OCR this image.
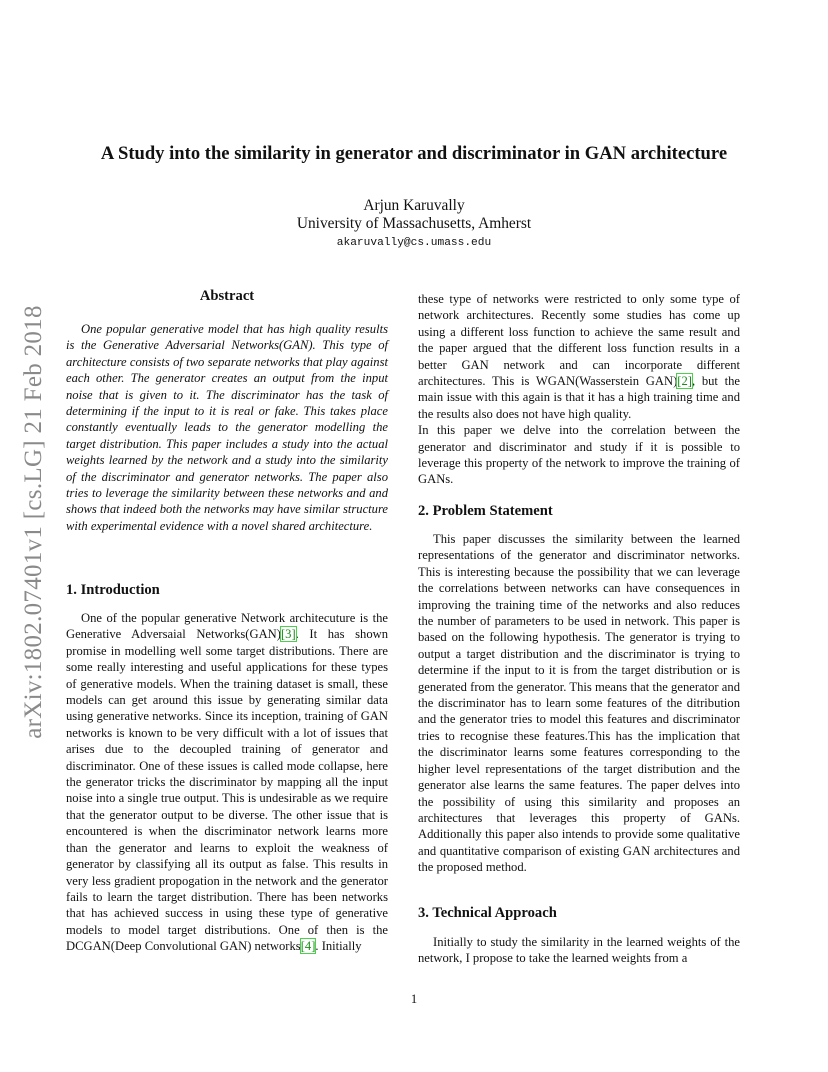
arXiv:1802.07401v1 [cs.LG] 21 Feb 2018
A Study into the similarity in generator and discriminator in GAN architecture
Arjun Karuvally
University of Massachusetts, Amherst
akaruvally@cs.umass.edu
Abstract

One popular generative model that has high quality results is the Generative Adversarial Networks(GAN). This type of architecture consists of two separate networks that play against each other. The generator creates an output from the input noise that is given to it. The discriminator has the task of determining if the input to it is real or fake. This takes place constantly eventually leads to the generator modelling the target distribution. This paper includes a study into the actual weights learned by the network and a study into the similarity of the discriminator and generator networks. The paper also tries to leverage the similarity between these networks and and shows that indeed both the networks may have similar structure with experimental evidence with a novel shared architecture.

1. Introduction

One of the popular generative Network architecuture is the Generative Adversaial Networks(GAN)[3]. It has shown promise in modelling well some target distributions. There are some really interesting and useful applications for these types of generative models. When the training dataset is small, these models can get around this issue by generating similar data using generative networks. Since its inception, training of GAN networks is known to be very difficult with a lot of issues that arises due to the decoupled training of generator and discriminator. One of these issues is called mode collapse, here the generator tricks the discriminator by mapping all the input noise into a single true output. This is undesirable as we require that the generator output to be diverse. The other issue that is encountered is when the discriminator network learns more than the generator and learns to exploit the weakness of generator by classifying all its output as false. This results in very less gradient propogation in the network and the generator fails to learn the target distribution. There has been networks that has achieved success in using these type of generative models to model target distributions. One of then is the DCGAN(Deep Convolutional GAN) networks[4]. Initially

these type of networks were restricted to only some type of network architectures. Recently some studies has come up using a different loss function to achieve the same result and the paper argued that the different loss function results in a better GAN network and can incorporate different architectures. This is WGAN(Wasserstein GAN)[2], but the main issue with this again is that it has a high training time and the results also does not have high quality.

In this paper we delve into the correlation between the generator and discriminator and study if it is possible to leverage this property of the network to improve the training of GANs.

2. Problem Statement

This paper discusses the similarity between the learned representations of the generator and discriminator networks. This is interesting because the possibility that we can leverage the correlations between networks can have consequences in improving the training time of the networks and also reduces the number of parameters to be used in network. This paper is based on the following hypothesis. The generator is trying to output a target distribution and the discriminator is trying to determine if the input to it is from the target distribution or is generated from the generator. This means that the generator and the discriminator has to learn some features of the ditribution and the generator tries to model this features and discriminator tries to recognise these features.This has the implication that the discriminator learns some features corresponding to the higher level representations of the target distribution and the generator alse learns the same features. The paper delves into the possibility of using this similarity and proposes an architectures that leverages this property of GANs. Additionally this paper also intends to provide some qualitative and quantitative comparison of existing GAN architectures and the proposed method.

3. Technical Approach

Initially to study the similarity in the learned weights of the network, I propose to take the learned weights from a

1
